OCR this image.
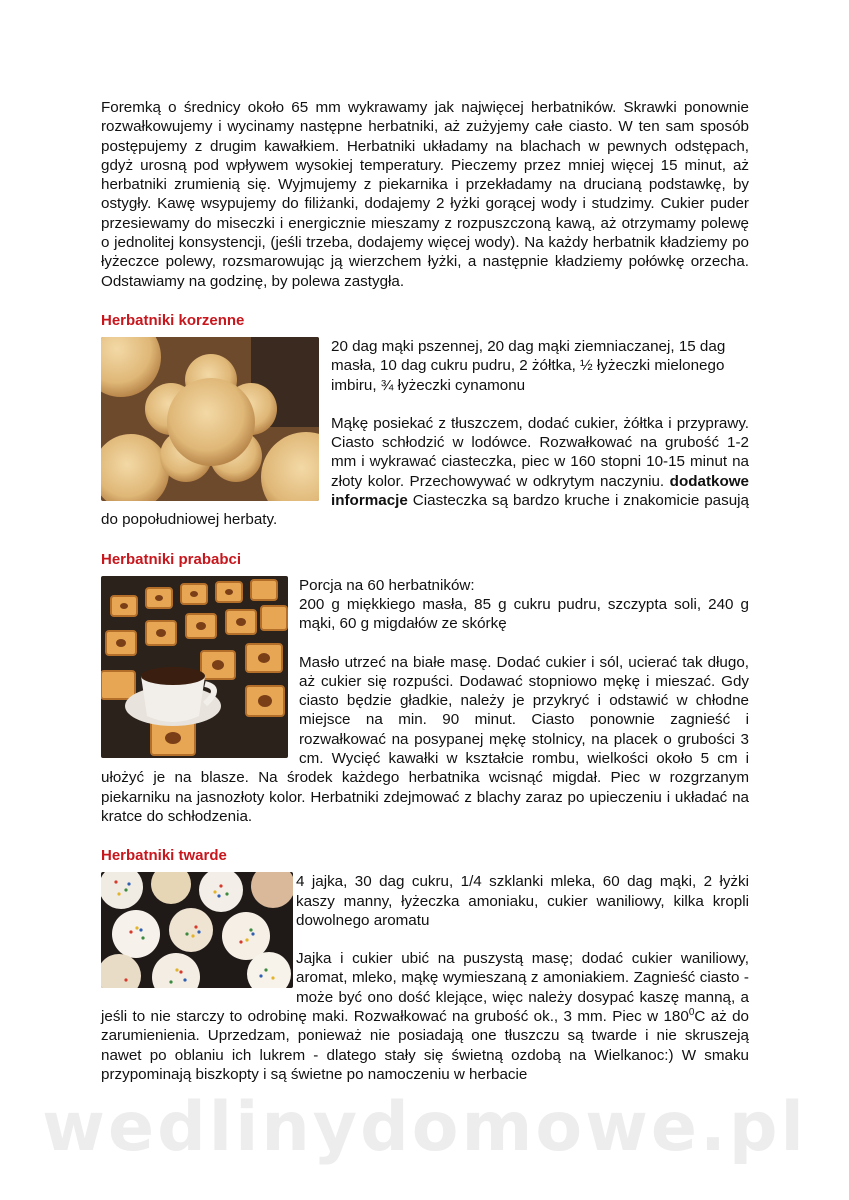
Foremką o średnicy około 65 mm wykrawamy jak najwięcej herbatników. Skrawki ponownie rozwałkowujemy i wycinamy następne herbatniki, aż zużyjemy całe ciasto. W ten sam sposób postępujemy z drugim kawałkiem. Herbatniki układamy na blachach w pewnych odstępach, gdyż urosną pod wpływem wysokiej temperatury. Pieczemy przez mniej więcej 15 minut, aż herbatniki zrumienią się. Wyjmujemy z piekarnika i przekładamy na drucianą podstawkę, by ostygły. Kawę wsypujemy do filiżanki, dodajemy 2 łyżki gorącej wody i studzimy. Cukier puder przesiewamy do miseczki i energicznie mieszamy z rozpuszczoną kawą, aż otrzymamy polewę o jednolitej konsystencji, (jeśli trzeba, dodajemy więcej wody). Na każdy herbatnik kładziemy po łyżeczce polewy, rozsmarowując ją wierzchem łyżki, a następnie kładziemy połówkę orzecha. Odstawiamy na godzinę, by polewa zastygła.

Herbatniki korzenne

20 dag mąki pszennej, 20 dag mąki ziemniaczanej, 15 dag masła, 10 dag cukru pudru, 2 żółtka, ½ łyżeczki mielonego imbiru, ¾ łyżeczki cynamonu

Mąkę posiekać z tłuszczem, dodać cukier, żółtka i przyprawy. Ciasto schłodzić w lodówce. Rozwałkować na grubość 1-2 mm i wykrawać ciasteczka, piec w 160 stopni 10-15 minut na złoty kolor. Przechowywać w odkrytym naczyniu. dodatkowe informacje Ciasteczka są bardzo kruche i znakomicie pasują do popołudniowej herbaty.

Herbatniki prababci

Porcja na 60 herbatników:

200 g miękkiego masła, 85 g cukru pudru, szczypta soli, 240 g mąki, 60 g migdałów ze skórkę

Masło utrzeć na białe masę. Dodać cukier i sól, ucierać tak długo, aż cukier się rozpuści. Dodawać stopniowo mękę i mieszać. Gdy ciasto będzie gładkie, należy je przykryć i odstawić w chłodne miejsce na min. 90 minut. Ciasto ponownie zagnieść i rozwałkować na posypanej mękę stolnicy, na placek o grubości 3 cm. Wycięć kawałki w kształcie rombu, wielkości około 5 cm i ułożyć je na blasze. Na środek każdego herbatnika wcisnąć migdał. Piec w rozgrzanym piekarniku na jasnozłoty kolor. Herbatniki zdejmować z blachy zaraz po upieczeniu i układać na kratce do schłodzenia.

Herbatniki twarde

4 jajka, 30 dag cukru, 1/4 szklanki mleka, 60 dag mąki, 2 łyżki kaszy manny, łyżeczka amoniaku, cukier waniliowy, kilka kropli dowolnego aromatu

Jajka i cukier ubić na puszystą masę; dodać cukier waniliowy, aromat, mleko, mąkę wymieszaną z amoniakiem. Zagnieść ciasto - może być ono dość klejące, więc należy dosypać kaszę manną, a jeśli to nie starczy to odrobinę maki. Rozwałkować na grubość ok., 3 mm. Piec w $180^0C$ aż do zarumienienia. Uprzedzam, ponieważ nie posiadają one tłuszczu są twarde i nie skruszeją nawet po oblaniu ich lukrem - dlatego stały się świetną ozdobą na Wielkanoc:) W smaku przypominają biszkopty i są świetne po namoczeniu w herbacie

wedlinydomowe.pl
